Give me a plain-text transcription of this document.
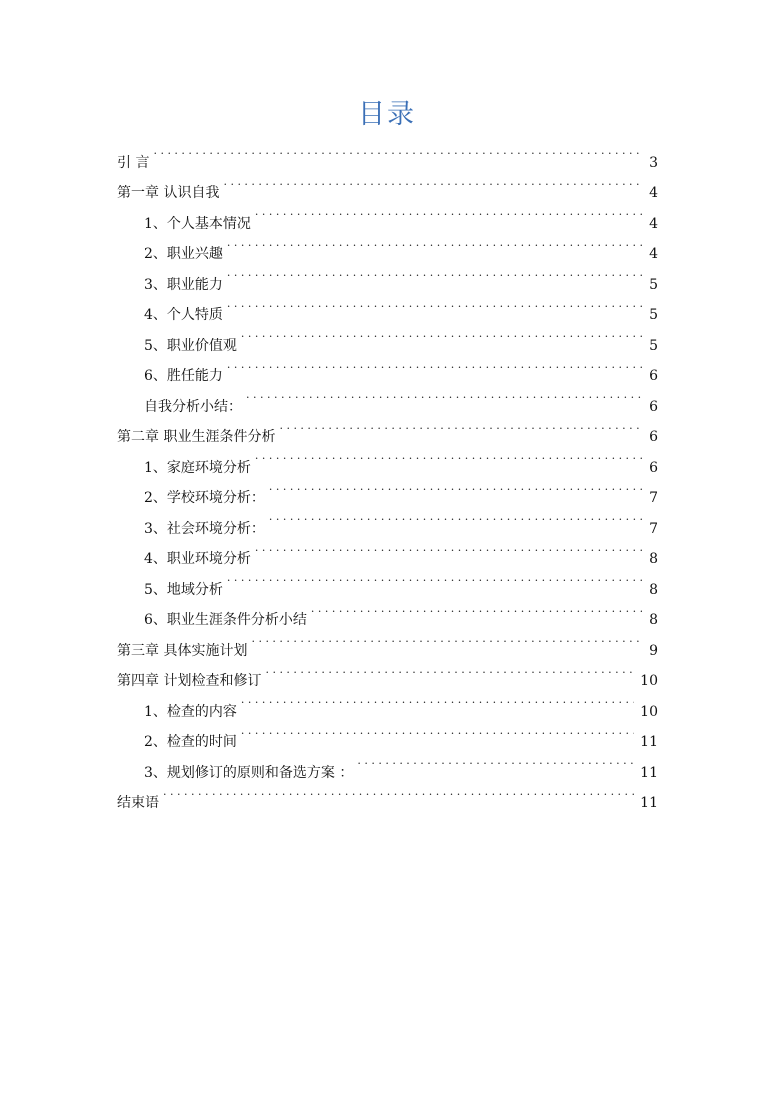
目录
引 言 . . .	3
第一章 认识自我 . . .	4
1、个人基本情况 . . .	4
2、职业兴趣 . . .	4
3、职业能力 . . .	5
4、个人特质 . . .	5
5、职业价值观 . . .	5
6、胜任能力 . . .	6
自我分析小结： . . .	6
第二章 职业生涯条件分析 . . .	6
1、家庭环境分析 . . .	6
2、学校环境分析： . . .	7
3、社会环境分析： . . .	7
4、职业环境分析 . . .	8
5、地域分析 . . .	8
6、职业生涯条件分析小结 . . .	8
第三章 具体实施计划 . . .	9
第四章 计划检查和修订 . . .	10
1、检查的内容 . . .	10
2、检查的时间 . . .	11
3、规划修订的原则和备选方案 ： . . .	11
结束语 . . .	11
